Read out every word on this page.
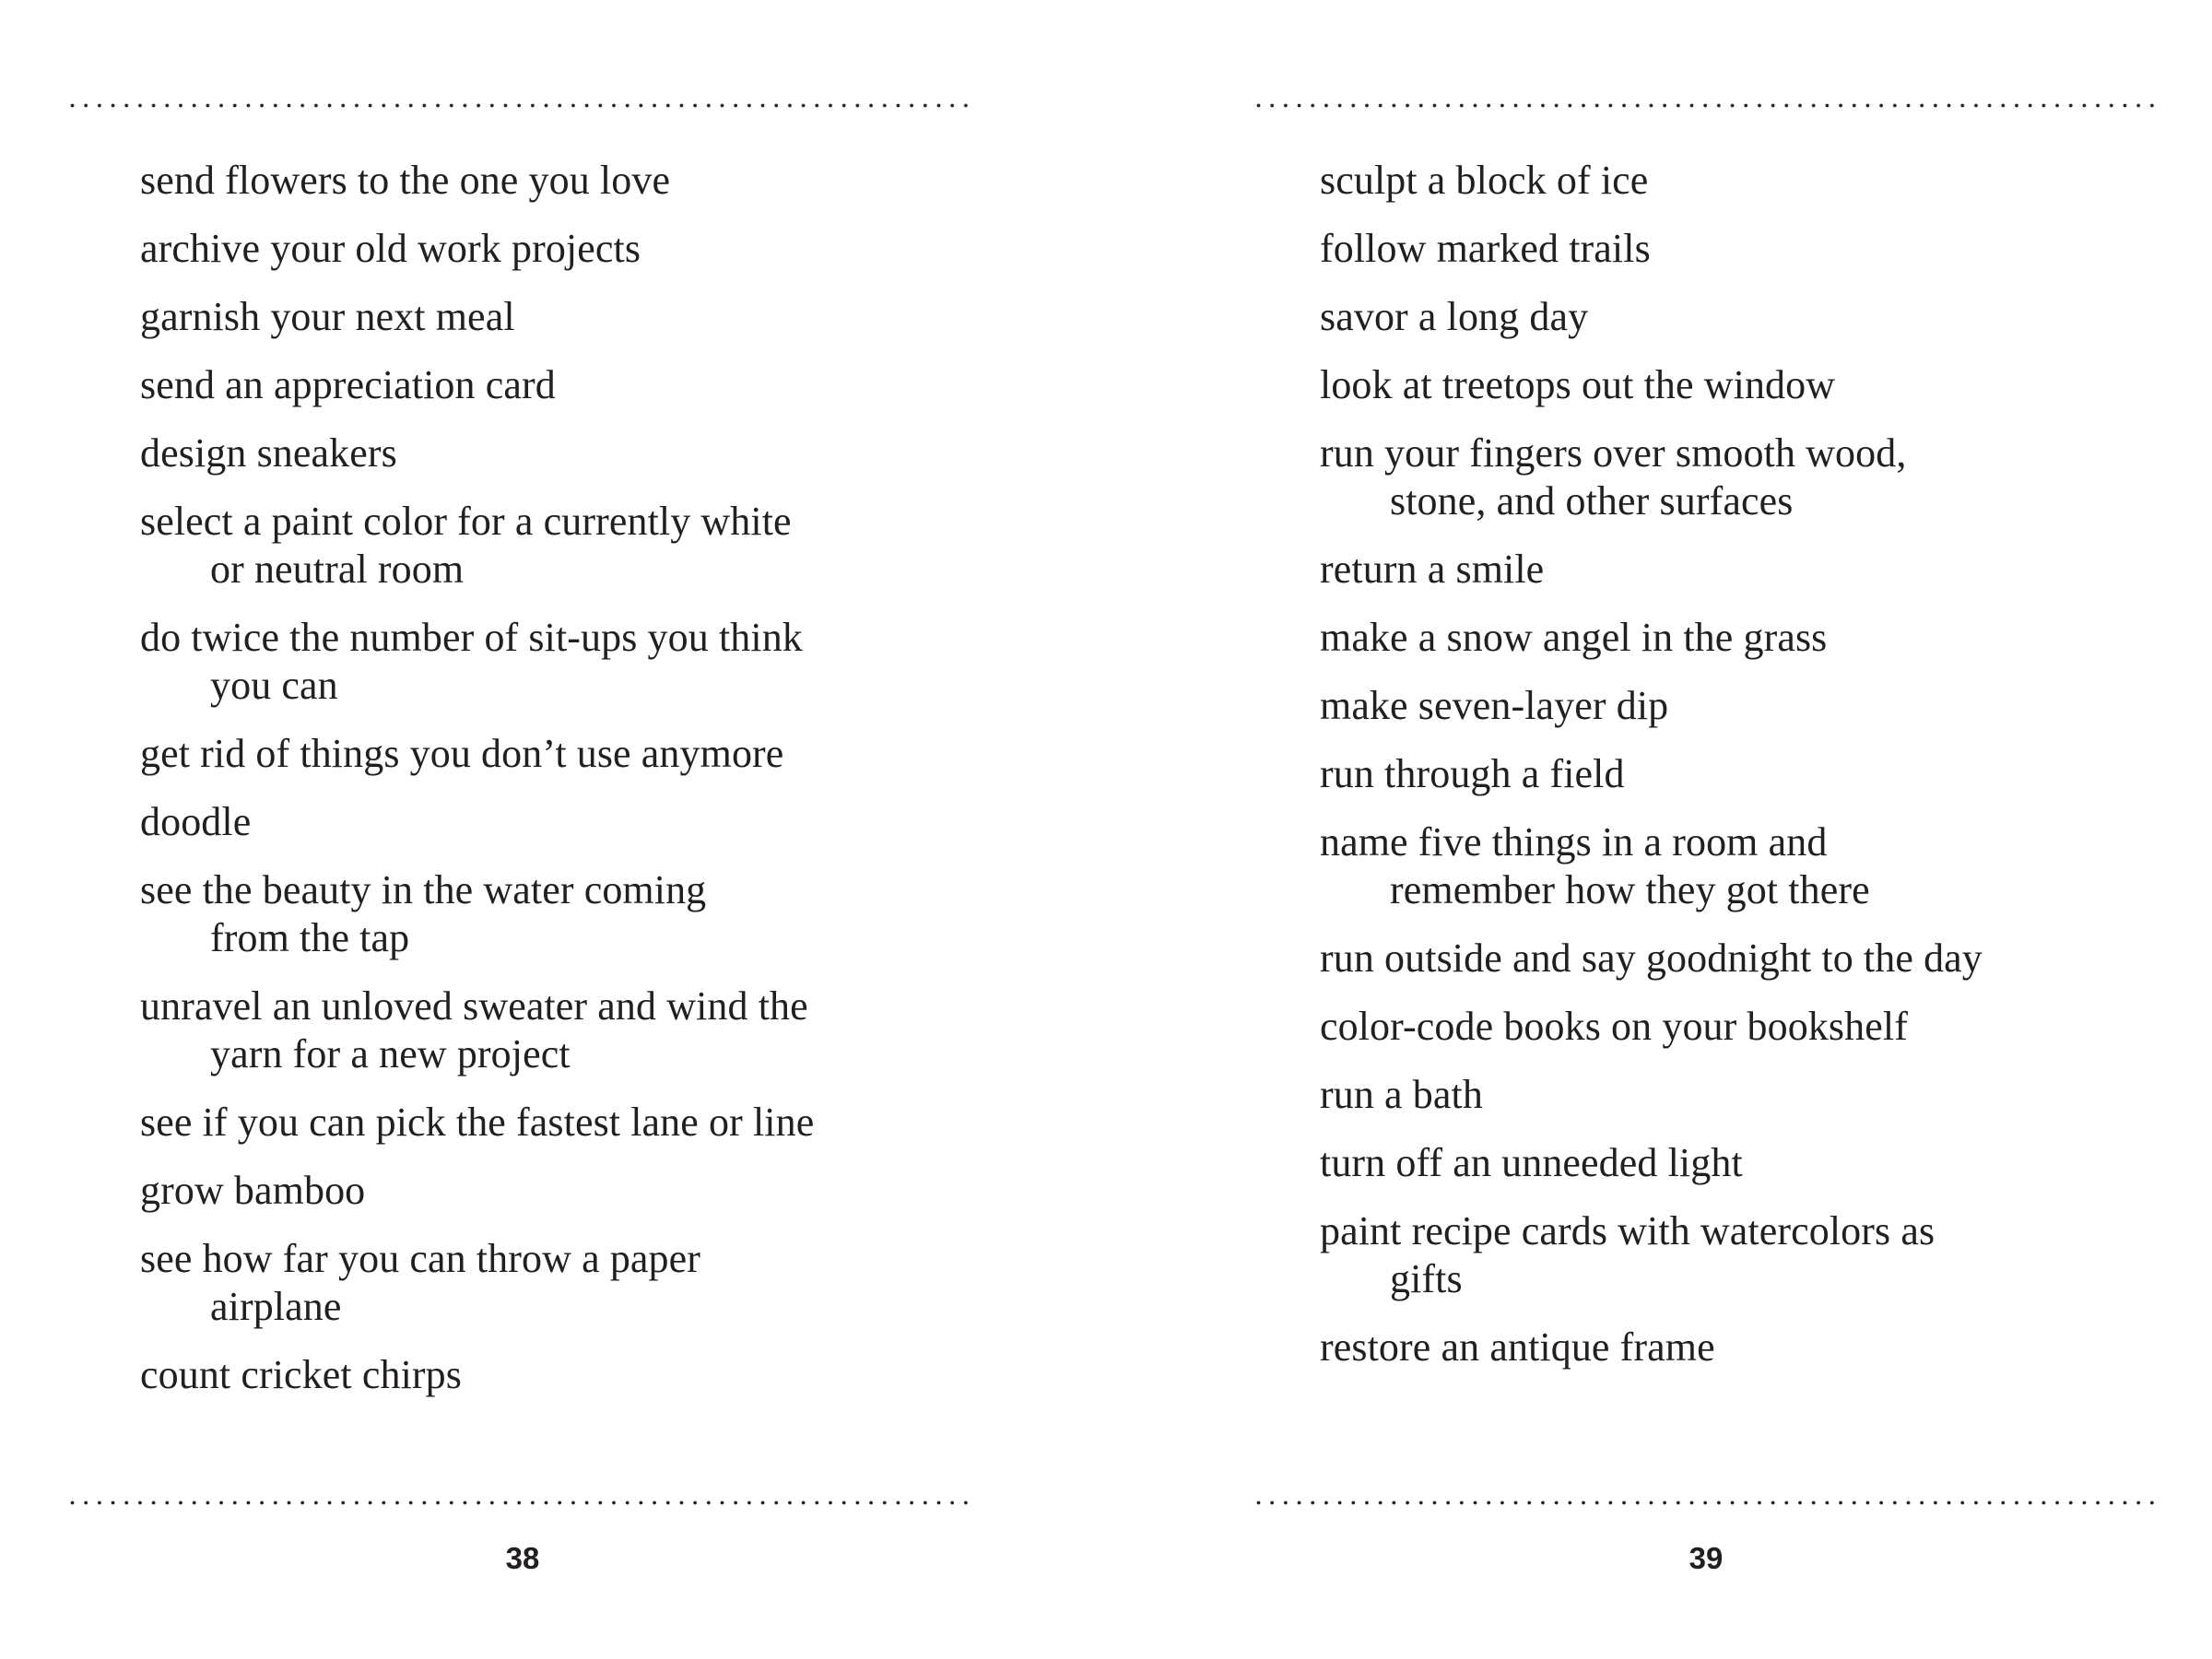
send flowers to the one you love

archive your old work projects

garnish your next meal

send an appreciation card

design sneakers

select a paint color for a currently white
or neutral room

do twice the number of sit-ups you think
you can

get rid of things you don’t use anymore

doodle

see the beauty in the water coming
from the tap

unravel an unloved sweater and wind the
yarn for a new project

see if you can pick the fastest lane or line

grow bamboo

see how far you can throw a paper
airplane

count cricket chirps

38

sculpt a block of ice

follow marked trails

savor a long day

look at treetops out the window

run your fingers over smooth wood,
stone, and other surfaces

return a smile

make a snow angel in the grass

make seven-layer dip

run through a field

name five things in a room and
remember how they got there

run outside and say goodnight to the day

color-code books on your bookshelf

run a bath

turn off an unneeded light

paint recipe cards with watercolors as
gifts

restore an antique frame

39
